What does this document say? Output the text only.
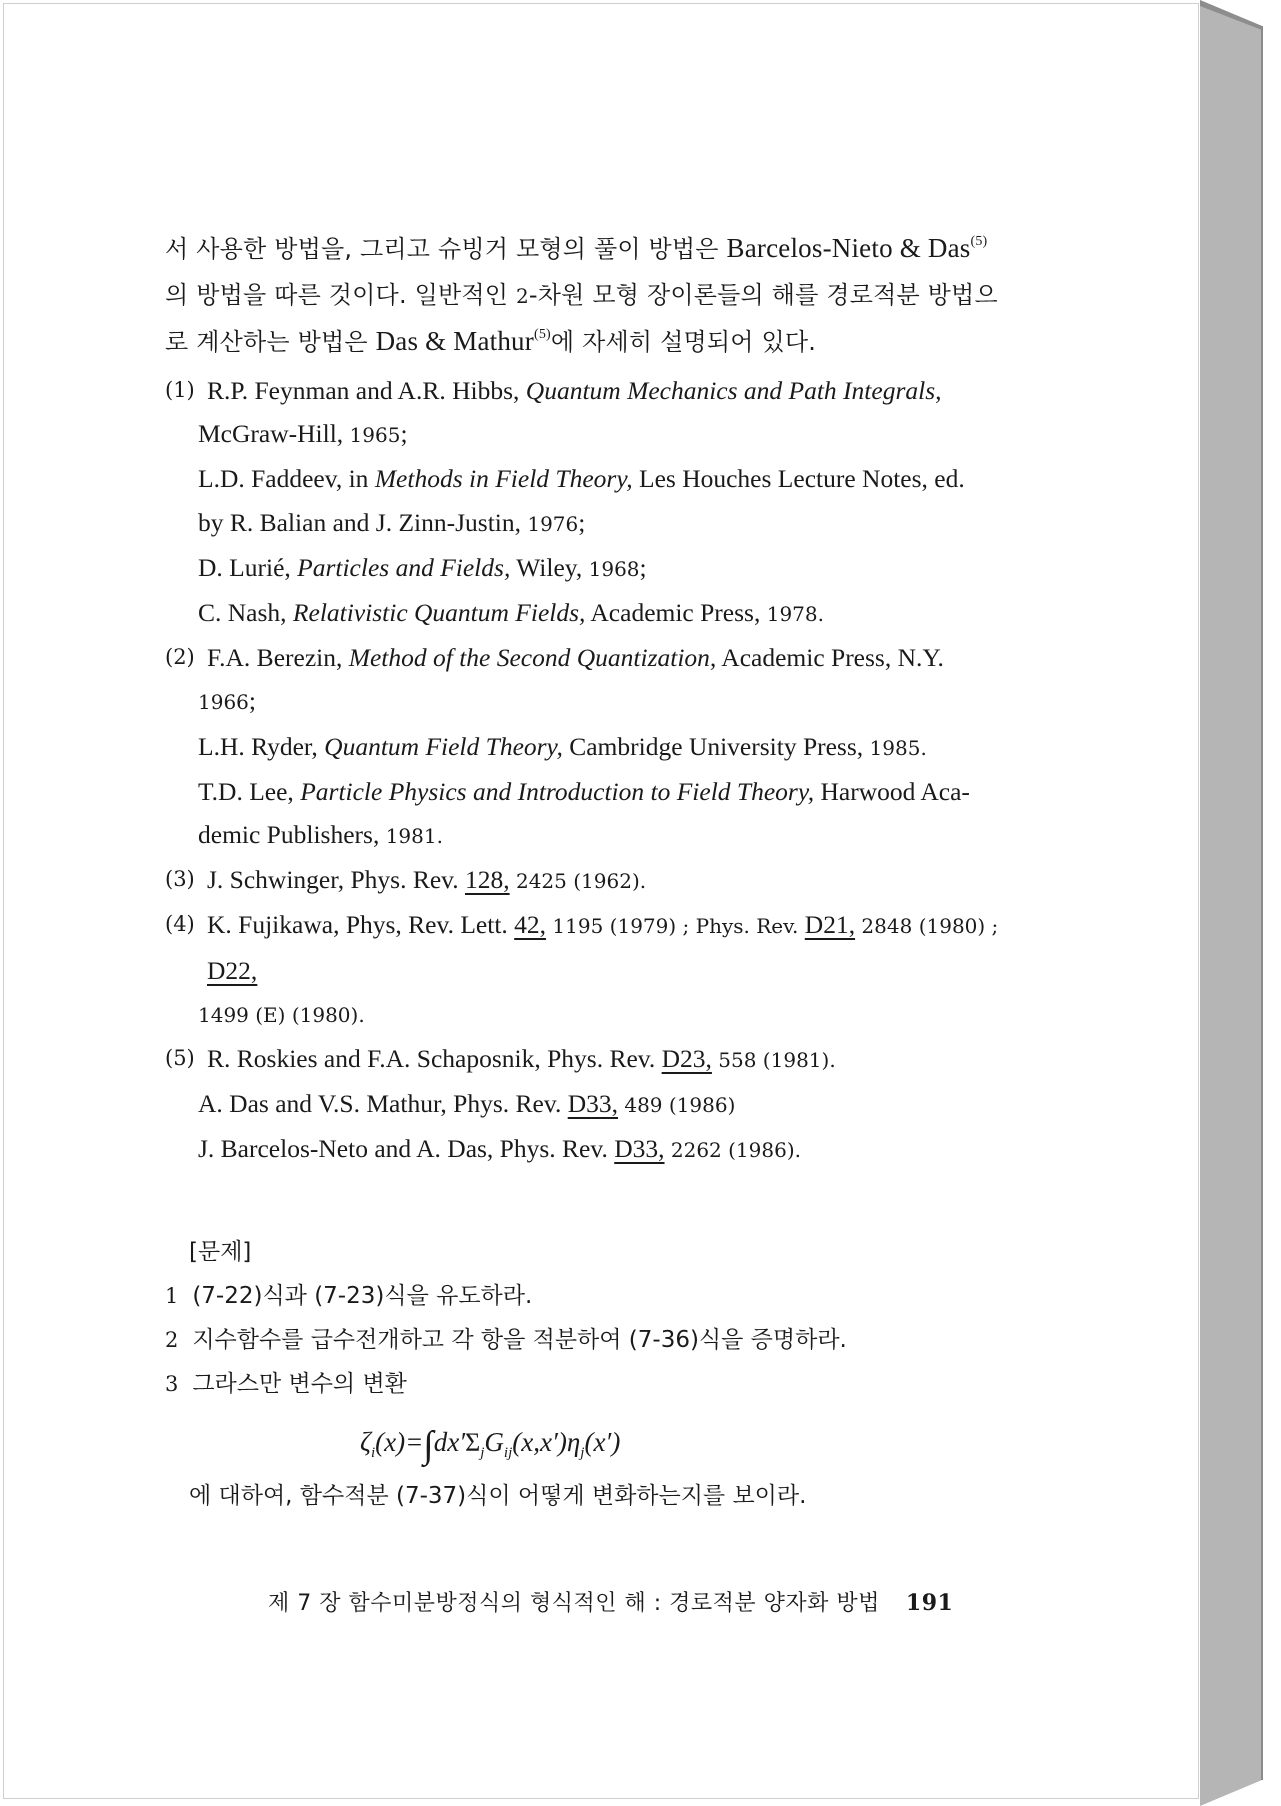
서 사용한 방법을, 그리고 슈빙거 모형의 풀이 방법은 Barcelos-Nieto & Das$^{(5)}$
의 방법을 따른 것이다. 일반적인 2-차원 모형 장이론들의 해를 경로적분 방법으
로 계산하는 방법은 Das & Mathur$^{(5)}$에 자세히 설명되어 있다.

(1) R.P. Feynman and A.R. Hibbs, Quantum Mechanics and Path Integrals,
McGraw-Hill, 1965;
L.D. Faddeev, in Methods in Field Theory, Les Houches Lecture Notes, ed.
by R. Balian and J. Zinn-Justin, 1976;
D. Lurié, Particles and Fields, Wiley, 1968;
C. Nash, Relativistic Quantum Fields, Academic Press, 1978.
(2) F.A. Berezin, Method of the Second Quantization, Academic Press, N.Y.
1966;
L.H. Ryder, Quantum Field Theory, Cambridge University Press, 1985.
T.D. Lee, Particle Physics and Introduction to Field Theory, Harwood Aca-
demic Publishers, 1981.
(3) J. Schwinger, Phys. Rev. 128, 2425 (1962).
(4) K. Fujikawa, Phys, Rev. Lett. 42, 1195 (1979) ; Phys. Rev. D21, 2848 (1980) ; D22,
1499 (E) (1980).
(5) R. Roskies and F.A. Schaposnik, Phys. Rev. D23, 558 (1981).
A. Das and V.S. Mathur, Phys. Rev. D33, 489 (1986)
J. Barcelos-Neto and A. Das, Phys. Rev. D33, 2262 (1986).
[문제]
1 (7-22)식과 (7-23)식을 유도하라.
2 지수함수를 급수전개하고 각 항을 적분하여 (7-36)식을 증명하라.
3 그라스만 변수의 변환
$\zeta_i(x)=\int dx'\Sigma_jG_{ij}(x,x')\eta_j(x')$
에 대하여, 함수적분 (7-37)식이 어떻게 변화하는지를 보이라.
제 7 장 함수미분방정식의 형식적인 해 : 경로적분 양자화 방법 191
